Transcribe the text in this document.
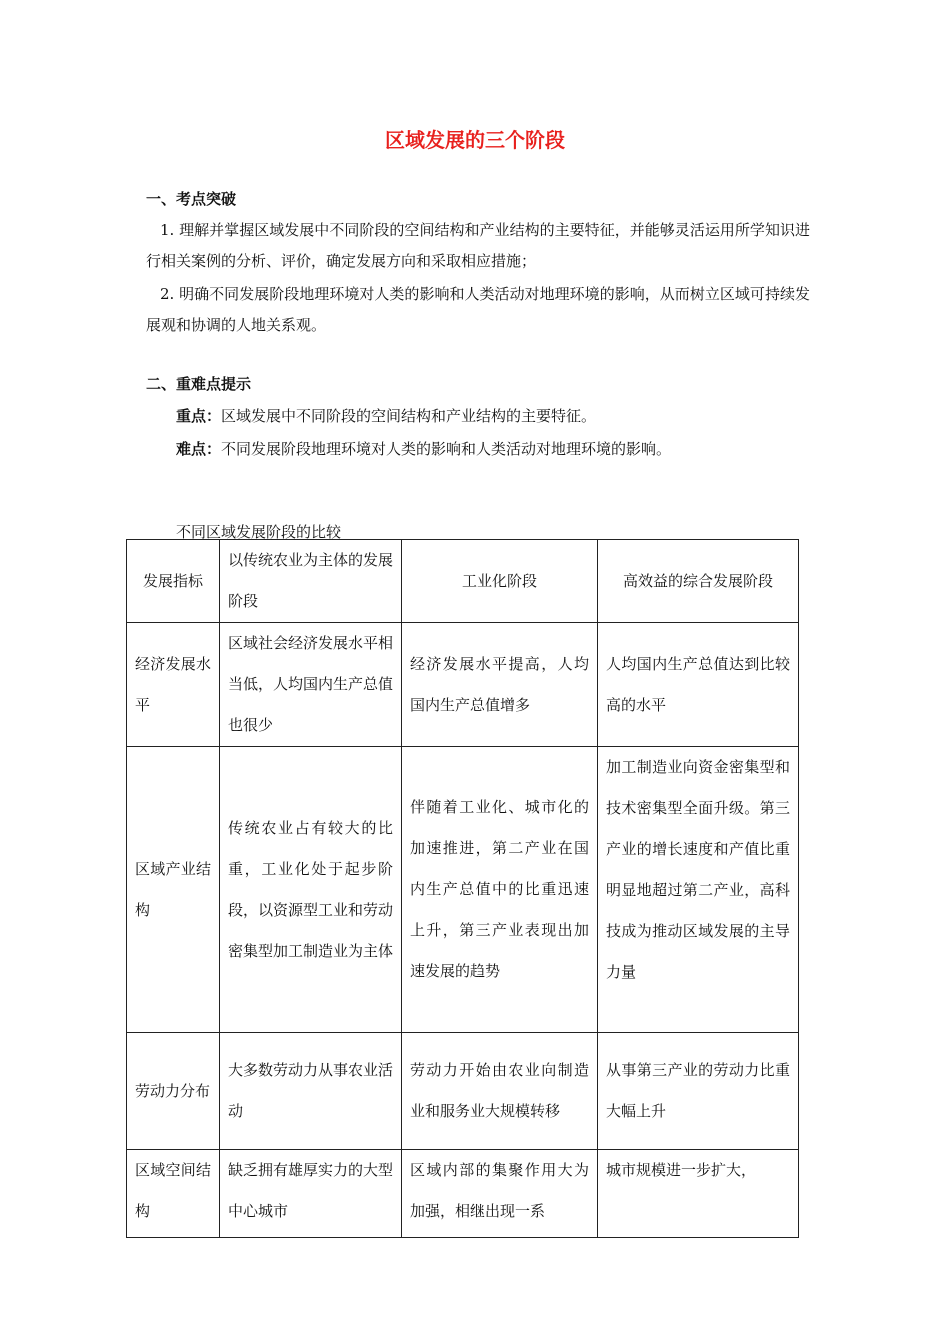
区域发展的三个阶段
一、考点突破
1. 理解并掌握区域发展中不同阶段的空间结构和产业结构的主要特征，并能够灵活运用所学知识进行相关案例的分析、评价，确定发展方向和采取相应措施；
2. 明确不同发展阶段地理环境对人类的影响和人类活动对地理环境的影响，从而树立区域可持续发展观和协调的人地关系观。
二、重难点提示
重点：区域发展中不同阶段的空间结构和产业结构的主要特征。
难点：不同发展阶段地理环境对人类的影响和人类活动对地理环境的影响。
不同区域发展阶段的比较
发展指标	以传统农业为主体的发展阶段	工业化阶段	高效益的综合发展阶段
经济发展水平	区域社会经济发展水平相当低，人均国内生产总值也很少	经济发展水平提高，人均国内生产总值增多	人均国内生产总值达到比较高的水平
区域产业结构	传统农业占有较大的比重，工业化处于起步阶段，以资源型工业和劳动密集型加工制造业为主体	伴随着工业化、城市化的加速推进，第二产业在国内生产总值中的比重迅速上升，第三产业表现出加速发展的趋势	加工制造业向资金密集型和技术密集型全面升级。第三产业的增长速度和产值比重明显地超过第二产业，高科技成为推动区域发展的主导力量
劳动力分布	大多数劳动力从事农业活动	劳动力开始由农业向制造业和服务业大规模转移	从事第三产业的劳动力比重大幅上升
区域空间结构	缺乏拥有雄厚实力的大型中心城市	区域内部的集聚作用大为加强，相继出现一系	城市规模进一步扩大，
